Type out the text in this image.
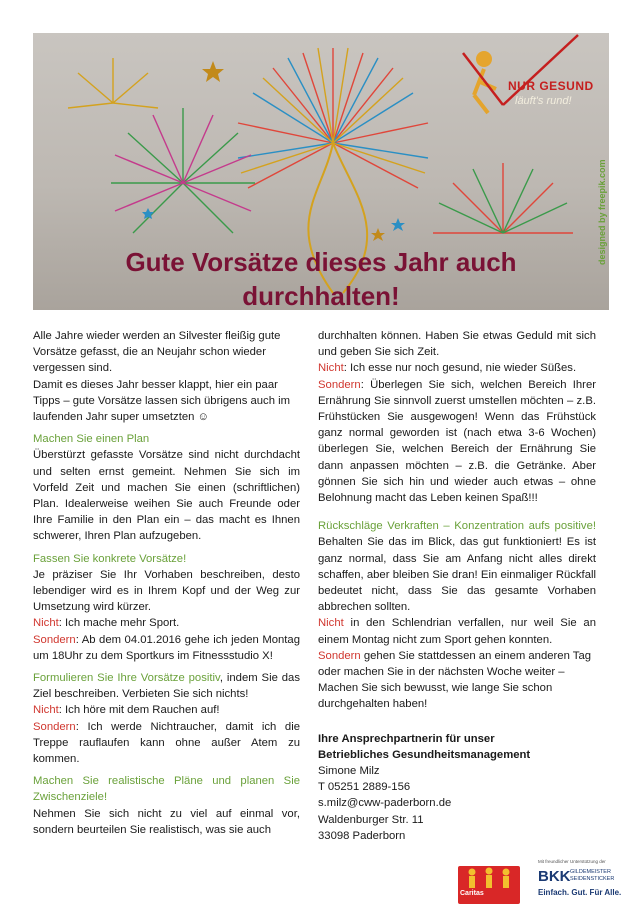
NUR GESUND
läuft's rund!
Gute Vorsätze dieses Jahr auch
durchhalten!
designed by freepik.com

Alle Jahre wieder werden an Silvester fleißig gute Vorsätze gefasst, die an Neujahr schon wieder vergessen sind.

Damit es dieses Jahr besser klappt, hier ein paar Tipps – gute Vorsätze lassen sich übrigens auch im laufenden Jahr super umsetzten ☺

Machen Sie einen Plan

Überstürzt gefasste Vorsätze sind nicht durchdacht und selten ernst gemeint. Nehmen Sie sich im Vorfeld Zeit und machen Sie einen (schriftlichen) Plan. Idealerweise weihen Sie auch Freunde oder Ihre Familie in den Plan ein – das macht es Ihnen schwerer, Ihren Plan aufzugeben.

Fassen Sie konkrete Vorsätze!

Je präziser Sie Ihr Vorhaben beschreiben, desto lebendiger wird es in Ihrem Kopf und der Weg zur Umsetzung wird kürzer.

Nicht: Ich mache mehr Sport.

Sondern: Ab dem 04.01.2016 gehe ich jeden Montag um 18Uhr zu dem Sportkurs im Fitnessstudio X!

Formulieren Sie Ihre Vorsätze positiv, indem Sie das Ziel beschreiben. Verbieten Sie sich nichts!

Nicht: Ich höre mit dem Rauchen auf!

Sondern: Ich werde Nichtraucher, damit ich die Treppe rauflaufen kann ohne außer Atem zu kommen.

Machen Sie realistische Pläne und planen Sie Zwischenziele!

Nehmen Sie sich nicht zu viel auf einmal vor, sondern beurteilen Sie realistisch, was sie auch

durchhalten können. Haben Sie etwas Geduld mit sich und geben Sie sich Zeit.

Nicht: Ich esse nur noch gesund, nie wieder Süßes.

Sondern: Überlegen Sie sich, welchen Bereich Ihrer Ernährung Sie sinnvoll zuerst umstellen möchten – z.B. Frühstücken Sie ausgewogen! Wenn das Frühstück ganz normal geworden ist (nach etwa 3-6 Wochen) überlegen Sie, welchen Bereich der Ernährung Sie dann anpassen möchten – z.B. die Getränke. Aber gönnen Sie sich hin und wieder auch etwas – ohne Belohnung macht das Leben keinen Spaß!!!

Rückschläge Verkraften – Konzentration aufs positive! Behalten Sie das im Blick, das gut funktioniert! Es ist ganz normal, dass Sie am Anfang nicht alles direkt schaffen, aber bleiben Sie dran! Ein einmaliger Rückfall bedeutet nicht, dass Sie das gesamte Vorhaben abbrechen sollten.

Nicht in den Schlendrian verfallen, nur weil Sie an einem Montag nicht zum Sport gehen konnten.

Sondern gehen Sie stattdessen an einem anderen Tag oder machen Sie in der nächsten Woche weiter – Machen Sie sich bewusst, wie lange Sie schon durchgehalten haben!

Ihre Ansprechpartnerin für unser

Betriebliches Gesundheitsmanagement

Simone Milz

T 05251 2889-156

s.milz@cww-paderborn.de

Waldenburger Str. 11

33098 Paderborn

Caritas
Mit freundlicher Unterstützung der
BKK GILDEMEISTER
SEIDENSTICKER
Einfach. Gut. Für Alle.
